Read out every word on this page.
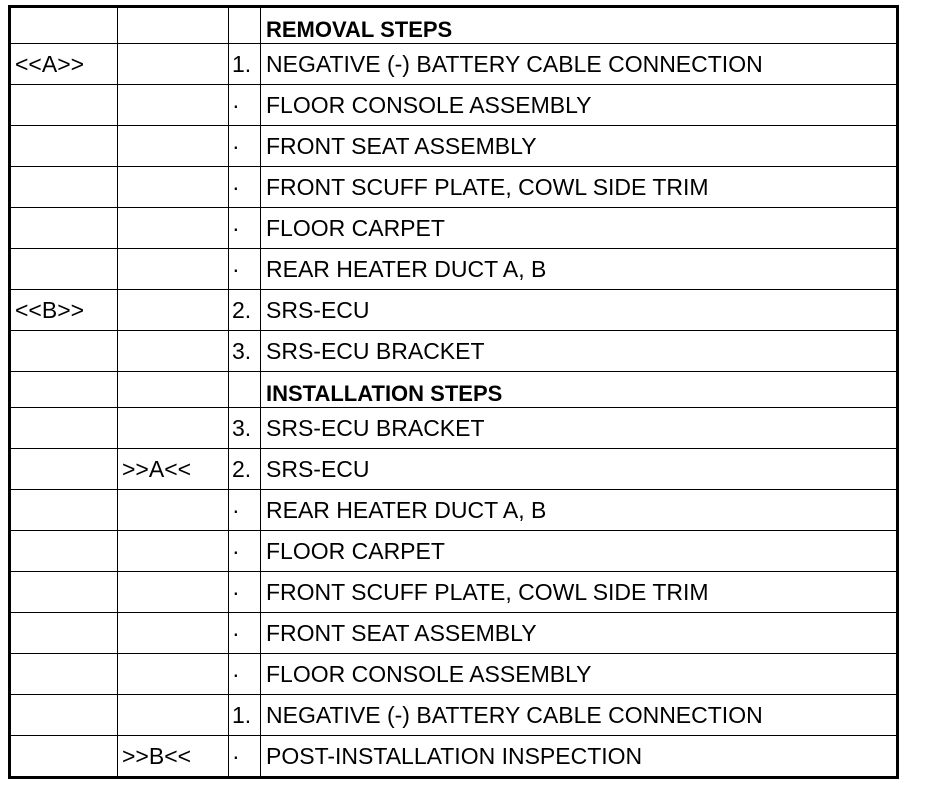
			REMOVAL STEPS
<<A>>		1.	NEGATIVE (-) BATTERY CABLE CONNECTION
		·	FLOOR CONSOLE ASSEMBLY
		·	FRONT SEAT ASSEMBLY
		·	FRONT SCUFF PLATE, COWL SIDE TRIM
		·	FLOOR CARPET
		·	REAR HEATER DUCT A, B
<<B>>		2.	SRS-ECU
		3.	SRS-ECU BRACKET
			INSTALLATION STEPS
		3.	SRS-ECU BRACKET
	>>A<<	2.	SRS-ECU
		·	REAR HEATER DUCT A, B
		·	FLOOR CARPET
		·	FRONT SCUFF PLATE, COWL SIDE TRIM
		·	FRONT SEAT ASSEMBLY
		·	FLOOR CONSOLE ASSEMBLY
		1.	NEGATIVE (-) BATTERY CABLE CONNECTION
	>>B<<	·	POST-INSTALLATION INSPECTION
